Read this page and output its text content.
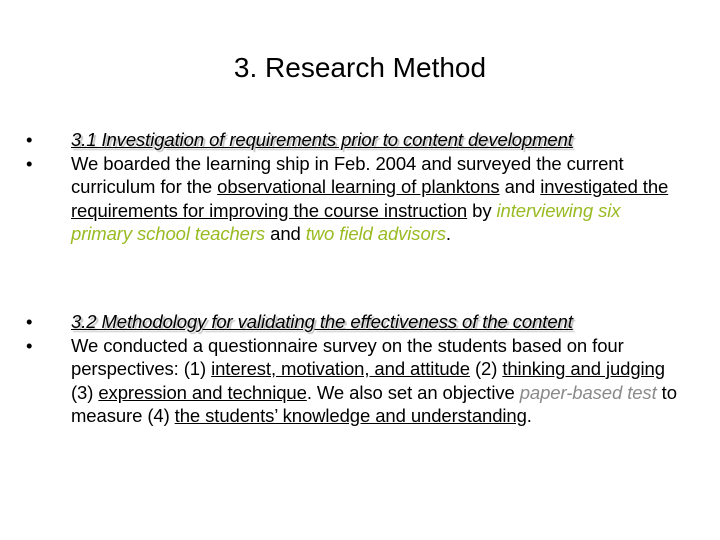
3. Research Method
•	3.1 Investigation of requirements prior to content development
•	We boarded the learning ship in Feb. 2004 and surveyed the current curriculum for the observational learning of planktons and investigated the requirements for improving the course instruction by interviewing six primary school teachers and two field advisors.
•	3.2 Methodology for validating the effectiveness of the content
•	We conducted a questionnaire survey on the students based on four perspectives: (1) interest, motivation, and attitude (2) thinking and judging (3) expression and technique. We also set an objective paper-based test to measure (4) the students’ knowledge and understanding.
